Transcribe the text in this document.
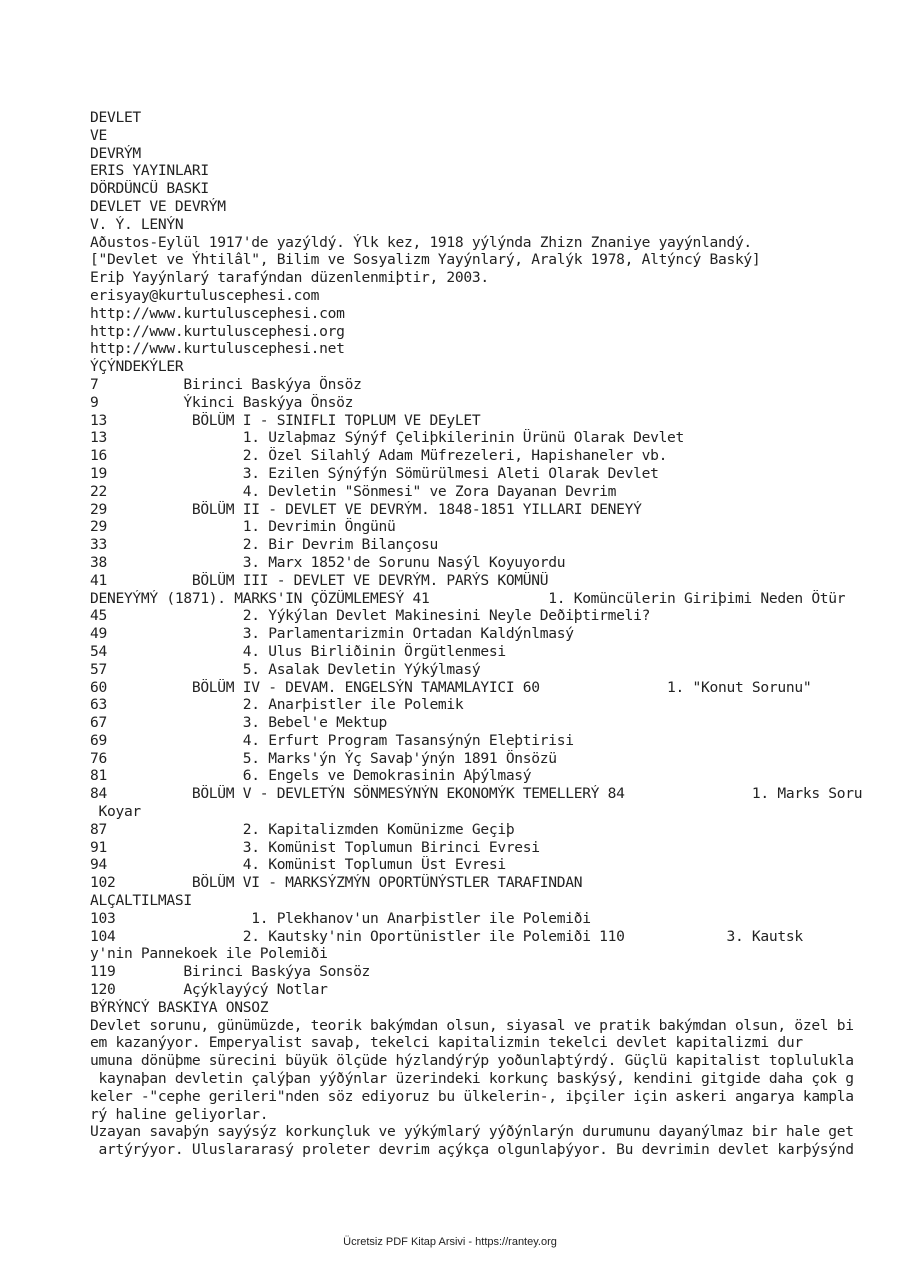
DEVLET
VE
DEVRÝM
ERIS YAYINLARI
DÖRDÜNCÜ BASKI
DEVLET VE DEVRÝM
V. Ý. LENÝN
Aðustos-Eylül 1917'de yazýldý. Ýlk kez, 1918 yýlýnda Zhizn Znaniye yayýnlandý.
["Devlet ve Ýhtilâl", Bilim ve Sosyalizm Yayýnlarý, Aralýk 1978, Altýncý Baský]
Eriþ Yayýnlarý tarafýndan düzenlenmiþtir, 2003.
erisyay@kurtuluscephesi.com
http://www.kurtuluscephesi.com
http://www.kurtuluscephesi.org
http://www.kurtuluscephesi.net
ÝÇÝNDEKÝLER
7          Birinci Baskýya Önsöz
9          Ýkinci Baskýya Önsöz
13          BÖLÜM I - SINIFLI TOPLUM VE DEyLET
13                1. Uzlaþmaz Sýnýf Çeliþkilerinin Ürünü Olarak Devlet
16                2. Özel Silahlý Adam Müfrezeleri, Hapishaneler vb.
19                3. Ezilen Sýnýfýn Sömürülmesi Aleti Olarak Devlet
22                4. Devletin "Sönmesi" ve Zora Dayanan Devrim
29          BÖLÜM II - DEVLET VE DEVRÝM. 1848-1851 YILLARI DENEYÝ
29                1. Devrimin Öngünü
33                2. Bir Devrim Bilançosu
38                3. Marx 1852'de Sorunu Nasýl Koyuyordu
41          BÖLÜM III - DEVLET VE DEVRÝM. PARÝS KOMÜNÜ
DENEYÝMÝ (1871). MARKS'IN ÇÖZÜMLEMESÝ 41              1. Komüncülerin Giriþimi Neden Ötür
45                2. Yýkýlan Devlet Makinesini Neyle Deðiþtirmeli?
49                3. Parlamentarizmin Ortadan Kaldýnlmasý
54                4. Ulus Birliðinin Örgütlenmesi
57                5. Asalak Devletin Yýkýlmasý
60          BÖLÜM IV - DEVAM. ENGELSÝN TAMAMLAYICI 60               1. "Konut Sorunu"
63                2. Anarþistler ile Polemik
67                3. Bebel'e Mektup
69                4. Erfurt Program Tasansýnýn Eleþtirisi
76                5. Marks'ýn Ýç Savaþ'ýnýn 1891 Önsözü
81                6. Engels ve Demokrasinin Aþýlmasý
84          BÖLÜM V - DEVLETÝN SÖNMESÝNÝN EKONOMÝK TEMELLERÝ 84               1. Marks Soru
Koyar
87                2. Kapitalizmden Komünizme Geçiþ
91                3. Komünist Toplumun Birinci Evresi
94                4. Komünist Toplumun Üst Evresi
102         BÖLÜM VI - MARKSÝZMÝN OPORTÜNÝSTLER TARAFINDAN
ALÇALTILMASI
103                1. Plekhanov'un Anarþistler ile Polemiði
104               2. Kautsky'nin Oportünistler ile Polemiði 110            3. Kautsk
y'nin Pannekoek ile Polemiði
119        Birinci Baskýya Sonsöz
120        Açýklayýcý Notlar
BÝRÝNCÝ BASKIYA ONSOZ
Devlet sorunu, günümüzde, teorik bakýmdan olsun, siyasal ve pratik bakýmdan olsun, özel bi
em kazanýyor. Emperyalist savaþ, tekelci kapitalizmin tekelci devlet kapitalizmi dur
umuna dönüþme sürecini büyük ölçüde hýzlandýrýp yoðunlaþtýrdý. Güçlü kapitalist toplulukla
kaynaþan devletin çalýþan yýðýnlar üzerindeki korkunç baskýsý, kendini gitgide daha çok g
keler -"cephe gerileri"nden söz ediyoruz bu ülkelerin-, iþçiler için askeri angarya kampla
rý haline geliyorlar.
Uzayan savaþýn sayýsýz korkunçluk ve yýkýmlarý yýðýnlarýn durumunu dayanýlmaz bir hale get
artýrýyor. Uluslararasý proleter devrim açýkça olgunlaþýyor. Bu devrimin devlet karþýsýnd
Ücretsiz PDF Kitap Arsivi - https://rantey.org
